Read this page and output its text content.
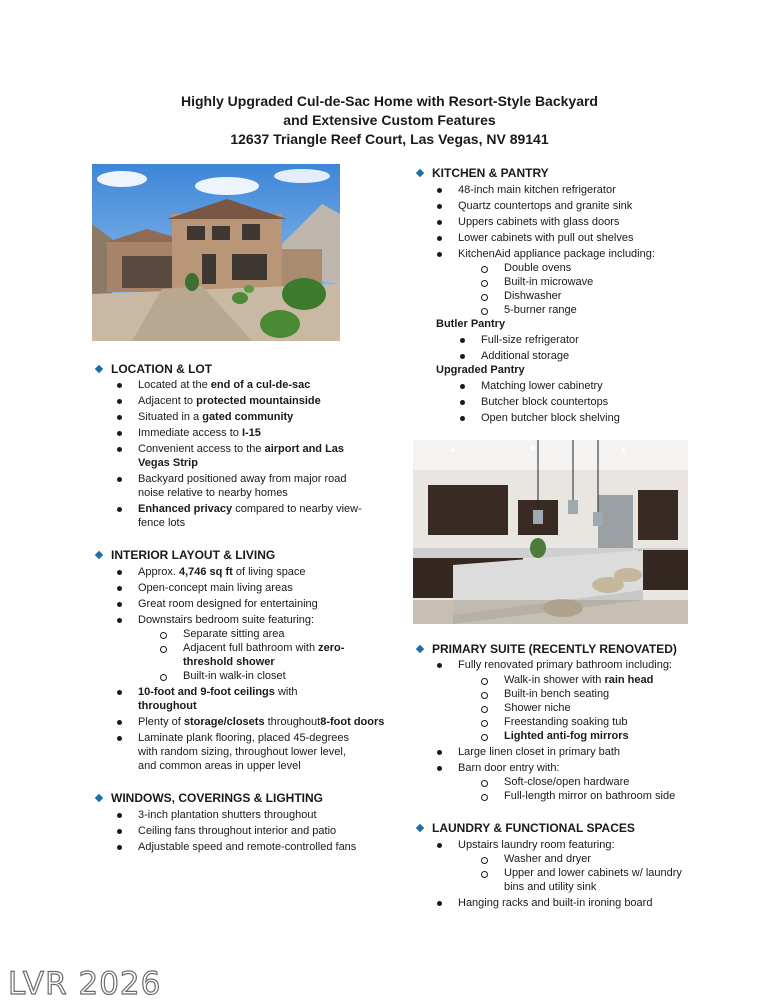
Highly Upgraded Cul-de-Sac Home with Resort-Style Backyard
and Extensive Custom Features
12637 Triangle Reef Court, Las Vegas, NV 89141
LOCATION & LOT
Located at the end of a cul-de-sac
Adjacent to protected mountainside
Situated in a gated community
Immediate access to I-15
Convenient access to the airport and Las
Vegas Strip
Backyard positioned away from major road
noise relative to nearby homes
Enhanced privacy compared to nearby view-
fence lots
INTERIOR LAYOUT & LIVING
Approx. 4,746 sq ft of living space
Open-concept main living areas
Great room designed for entertaining
Downstairs bedroom suite featuring:
Separate sitting area
Adjacent full bathroom with zero-
threshold shower
Built-in walk-in closet
10-foot and 9-foot ceilings with
throughout
Plenty of storage/closets throughout8-foot doors
Laminate plank flooring, placed 45-degrees
with random sizing, throughout lower level,
and common areas in upper level
WINDOWS, COVERINGS & LIGHTING
3-inch plantation shutters throughout
Ceiling fans throughout interior and patio
Adjustable speed and remote-controlled fans
KITCHEN & PANTRY
48-inch main kitchen refrigerator
Quartz countertops and granite sink
Uppers cabinets with glass doors
Lower cabinets with pull out shelves
KitchenAid appliance package including:
Double ovens
Built-in microwave
Dishwasher
5-burner range
Butler Pantry
Upgraded Pantry
Full-size refrigerator
Additional storage
Matching lower cabinetry
Butcher block countertops
Open butcher block shelving
PRIMARY SUITE (RECENTLY RENOVATED)
Fully renovated primary bathroom including:
Walk-in shower with rain head
Built-in bench seating
Shower niche
Freestanding soaking tub
Lighted anti-fog mirrors
Large linen closet in primary bath
Barn door entry with:
Soft-close/open hardware
Full-length mirror on bathroom side
LAUNDRY & FUNCTIONAL SPACES
Upstairs laundry room featuring:
Washer and dryer
Upper and lower cabinets w/ laundry
bins and utility sink
Hanging racks and built-in ironing board
LVR 2026
